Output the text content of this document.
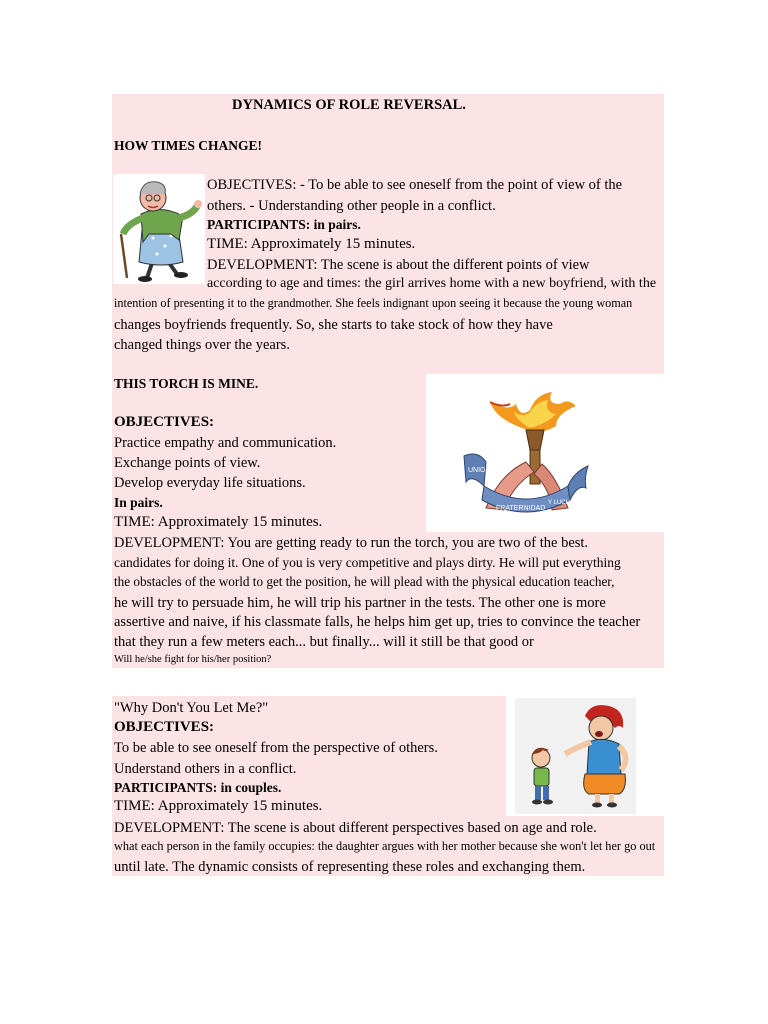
DYNAMICS OF ROLE REVERSAL.
HOW TIMES CHANGE!
OBJECTIVES: - To be able to see oneself from the point of view of the
others. - Understanding other people in a conflict.
PARTICIPANTS: in pairs.
TIME: Approximately 15 minutes.
DEVELOPMENT: The scene is about the different points of view
according to age and times: the girl arrives home with a new boyfriend, with the
intention of presenting it to the grandmother. She feels indignant upon seeing it because the young woman
changes boyfriends frequently. So, she starts to take stock of how they have
changed things over the years.
THIS TORCH IS MINE.
OBJECTIVES:
Practice empathy and communication.
Exchange points of view.
Develop everyday life situations.
In pairs.
TIME: Approximately 15 minutes.
UNION
FRATERNIDAD
Y LUCHA
DEVELOPMENT: You are getting ready to run the torch, you are two of the best.
candidates for doing it. One of you is very competitive and plays dirty. He will put everything
the obstacles of the world to get the position, he will plead with the physical education teacher,
he will try to persuade him, he will trip his partner in the tests. The other one is more
assertive and naive, if his classmate falls, he helps him get up, tries to convince the teacher
that they run a few meters each... but finally... will it still be that good or
Will he/she fight for his/her position?
"Why Don't You Let Me?"
OBJECTIVES:
To be able to see oneself from the perspective of others.
Understand others in a conflict.
PARTICIPANTS: in couples.
TIME: Approximately 15 minutes.
DEVELOPMENT: The scene is about different perspectives based on age and role.
what each person in the family occupies: the daughter argues with her mother because she won't let her go out
until late. The dynamic consists of representing these roles and exchanging them.
